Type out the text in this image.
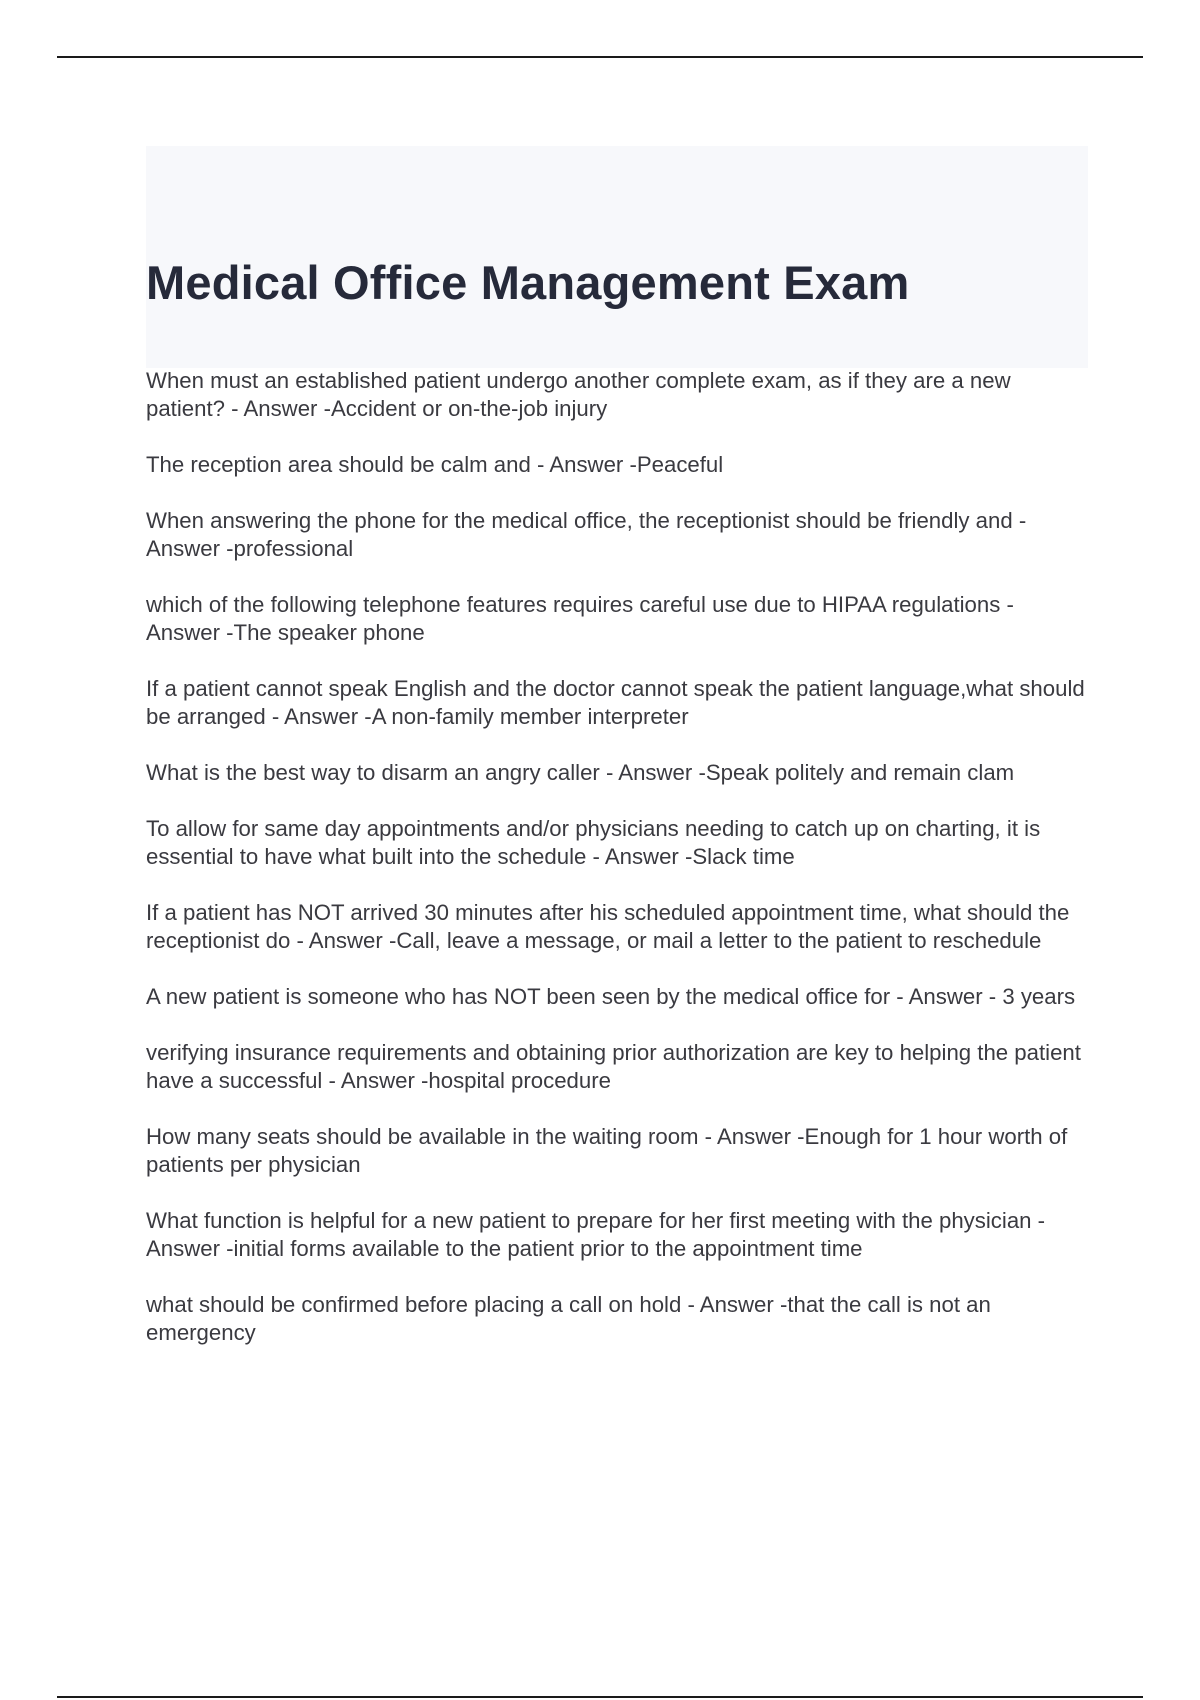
Medical Office Management Exam

When must an established patient undergo another complete exam, as if they are a new patient? - Answer -Accident or on-the-job injury

The reception area should be calm and - Answer -Peaceful

When answering the phone for the medical office, the receptionist should be friendly and - Answer -professional

which of the following telephone features requires careful use due to HIPAA regulations - Answer -The speaker phone

If a patient cannot speak English and the doctor cannot speak the patient language,what should be arranged - Answer -A non-family member interpreter

What is the best way to disarm an angry caller - Answer -Speak politely and remain clam

To allow for same day appointments and/or physicians needing to catch up on charting, it is essential to have what built into the schedule - Answer -Slack time

If a patient has NOT arrived 30 minutes after his scheduled appointment time, what should the receptionist do - Answer -Call, leave a message, or mail a letter to the patient to reschedule

A new patient is someone who has NOT been seen by the medical office for - Answer - 3 years

verifying insurance requirements and obtaining prior authorization are key to helping the patient have a successful - Answer -hospital procedure

How many seats should be available in the waiting room - Answer -Enough for 1 hour worth of patients per physician

What function is helpful for a new patient to prepare for her first meeting with the physician - Answer -initial forms available to the patient prior to the appointment time

what should be confirmed before placing a call on hold - Answer -that the call is not an emergency
